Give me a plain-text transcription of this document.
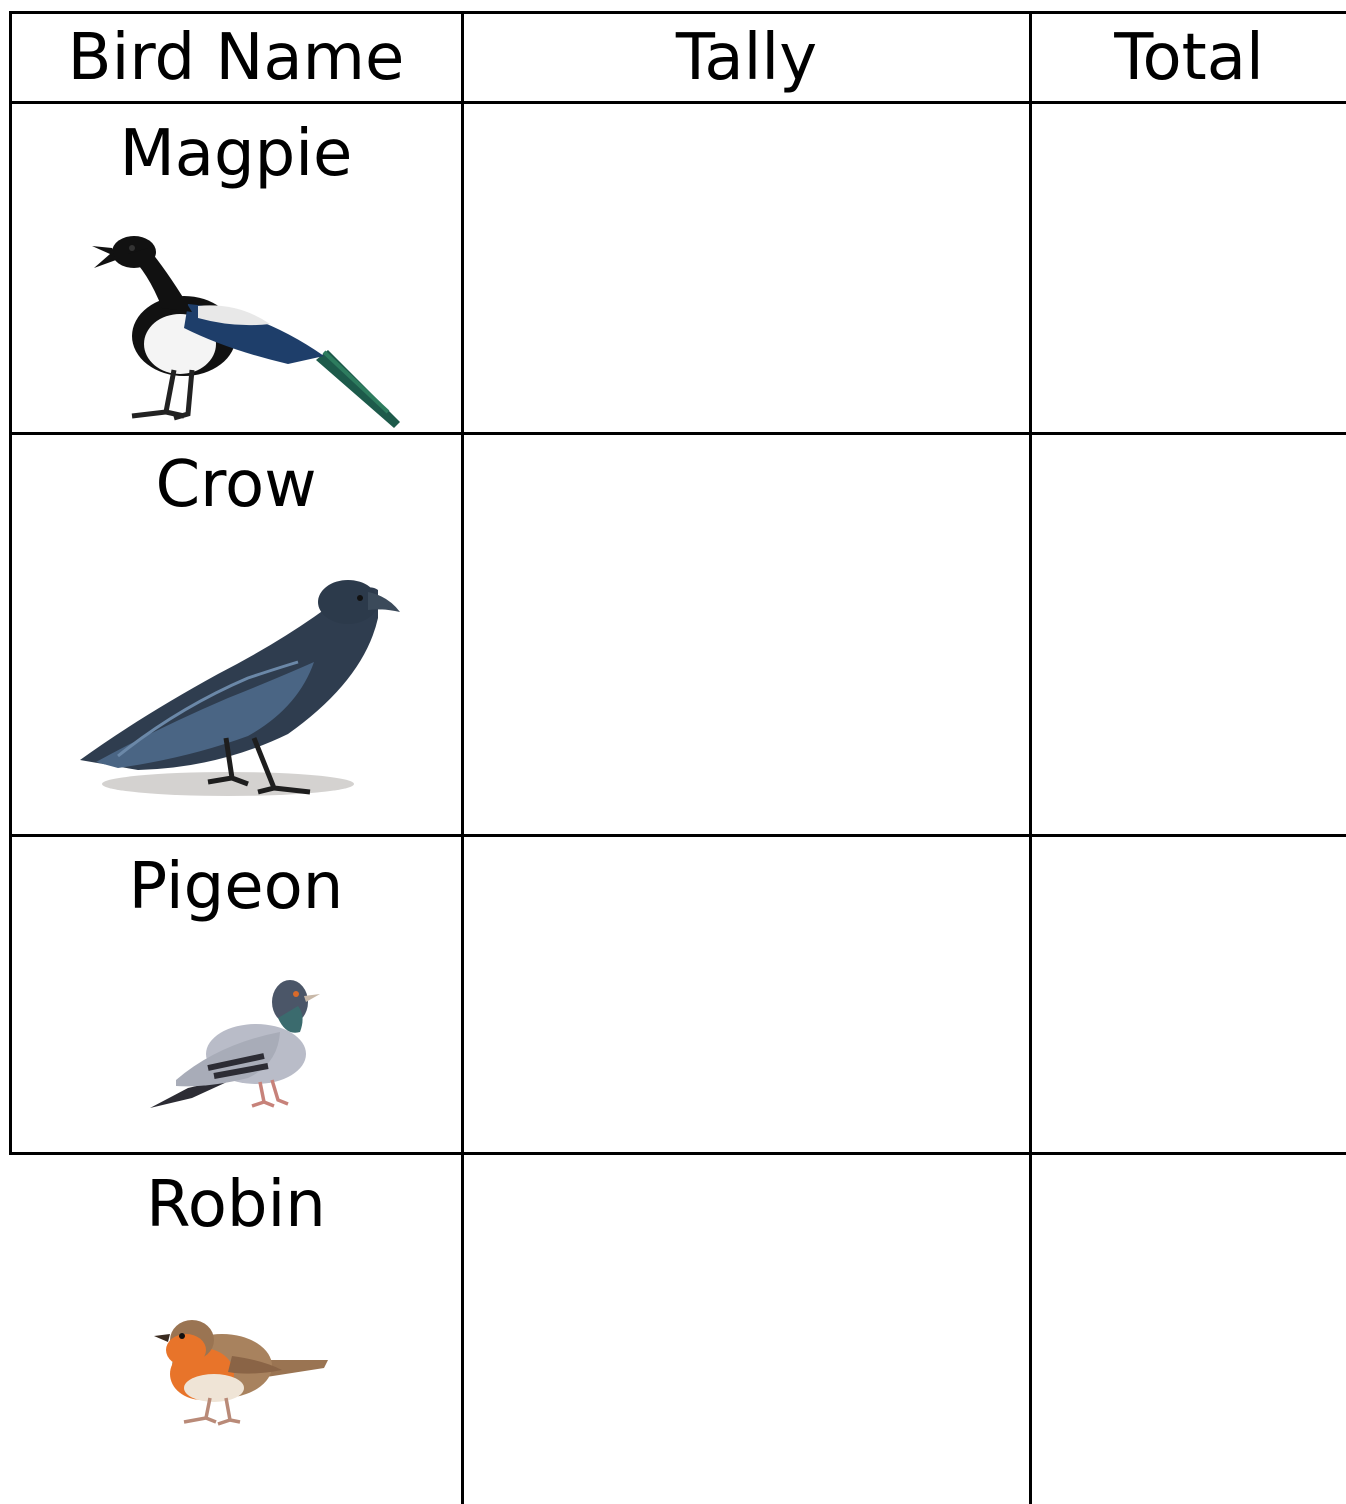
Bird Name	Tally	Total
Magpie
Crow
Pigeon
Robin
